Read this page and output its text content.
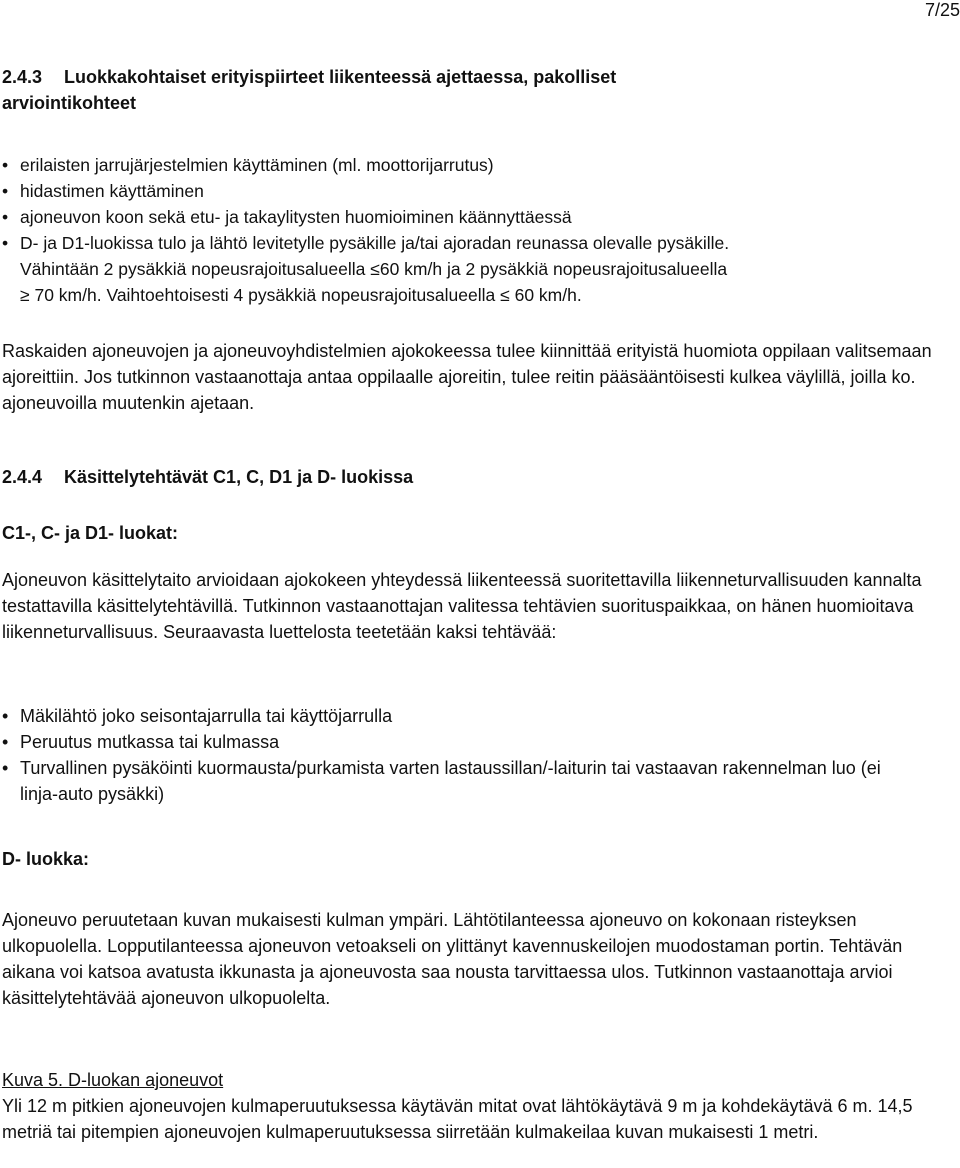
7/25
2.4.3	Luokkakohtaiset erityispiirteet liikenteessä ajettaessa, pakolliset
arviointikohteet
• erilaisten jarrujärjestelmien käyttäminen (ml. moottorijarrutus)
• hidastimen käyttäminen
• ajoneuvon koon sekä etu- ja takaylitysten huomioiminen käännyttäessä
• D- ja D1-luokissa tulo ja lähtö levitetylle pysäkille ja/tai ajoradan reunassa olevalle pysäkille.
Vähintään 2 pysäkkiä nopeusrajoitusalueella ≤60 km/h ja 2 pysäkkiä nopeusrajoitusalueella
≥ 70 km/h. Vaihtoehtoisesti 4 pysäkkiä nopeusrajoitusalueella ≤ 60 km/h.

Raskaiden ajoneuvojen ja ajoneuvoyhdistelmien ajokokeessa tulee kiinnittää erityistä huomiota oppilaan valitsemaan ajoreittiin. Jos tutkinnon vastaanottaja antaa oppilaalle ajoreitin, tulee reitin pääsääntöisesti kulkea väylillä, joilla ko. ajoneuvoilla muutenkin ajetaan.

2.4.4	Käsittelytehtävät C1, C, D1 ja D- luokissa
C1-, C- ja D1- luokat:

Ajoneuvon käsittelytaito arvioidaan ajokokeen yhteydessä liikenteessä suoritettavilla liikenneturvallisuuden kannalta testattavilla käsittelytehtävillä. Tutkinnon vastaanottajan valitessa tehtävien suorituspaikkaa, on hänen huomioitava liikenneturvallisuus. Seuraavasta luettelosta teetetään kaksi tehtävää:

• Mäkilähtö joko seisontajarrulla tai käyttöjarrulla
• Peruutus mutkassa tai kulmassa
• Turvallinen pysäköinti kuormausta/purkamista varten lastaussillan/-laiturin tai vastaavan rakennelman luo (ei linja-auto pysäkki)
D- luokka:

Ajoneuvo peruutetaan kuvan mukaisesti kulman ympäri. Lähtötilanteessa ajoneuvo on kokonaan risteyksen ulkopuolella. Lopputilanteessa ajoneuvon vetoakseli on ylittänyt kavennuskeilojen muodostaman portin. Tehtävän aikana voi katsoa avatusta ikkunasta ja ajoneuvosta saa nousta tarvittaessa ulos. Tutkinnon vastaanottaja arvioi käsittelytehtävää ajoneuvon ulkopuolelta.

Kuva 5. D-luokan ajoneuvot

Yli 12 m pitkien ajoneuvojen kulmaperuutuksessa käytävän mitat ovat lähtökäytävä 9 m ja kohdekäytävä 6 m. 14,5 metriä tai pitempien ajoneuvojen kulmaperuutuksessa siirretään kulmakeilaa kuvan mukaisesti 1 metri.
